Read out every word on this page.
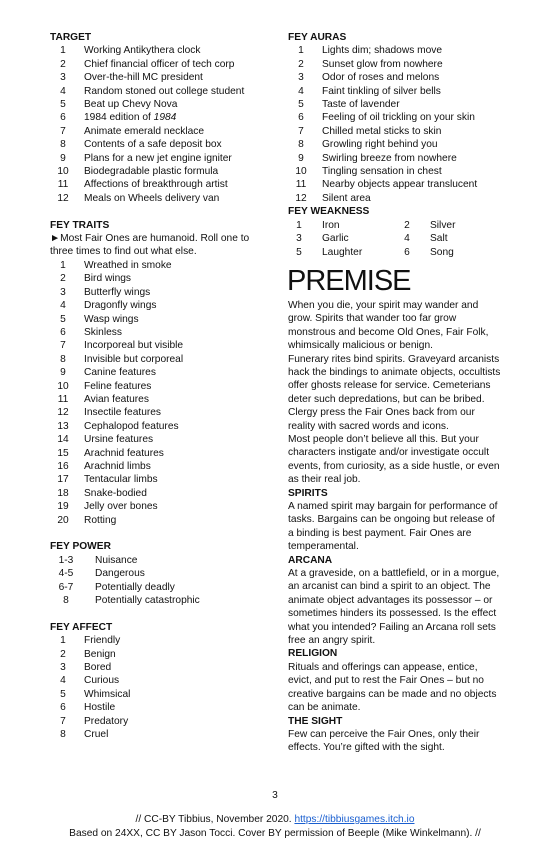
TARGET
1	Working Antikythera clock
2	Chief financial officer of tech corp
3	Over-the-hill MC president
4	Random stoned out college student
5	Beat up Chevy Nova
6	1984 edition of 1984
7	Animate emerald necklace
8	Contents of a safe deposit box
9	Plans for a new jet engine igniter
10	Biodegradable plastic formula
11	Affections of breakthrough artist
12	Meals on Wheels delivery van
FEY TRAITS

►Most Fair Ones are humanoid. Roll one to three times to find out what else.

1	Wreathed in smoke
2	Bird wings
3	Butterfly wings
4	Dragonfly wings
5	Wasp wings
6	Skinless
7	Incorporeal but visible
8	Invisible but corporeal
9	Canine features
10	Feline features
11	Avian features
12	Insectile features
13	Cephalopod features
14	Ursine features
15	Arachnid features
16	Arachnid limbs
17	Tentacular limbs
18	Snake-bodied
19	Jelly over bones
20	Rotting
FEY POWER
1-3	Nuisance
4-5	Dangerous
6-7	Potentially deadly
8	Potentially catastrophic
FEY AFFECT
1	Friendly
2	Benign
3	Bored
4	Curious
5	Whimsical
6	Hostile
7	Predatory
8	Cruel
FEY AURAS
1	Lights dim; shadows move
2	Sunset glow from nowhere
3	Odor of roses and melons
4	Faint tinkling of silver bells
5	Taste of lavender
6	Feeling of oil trickling on your skin
7	Chilled metal sticks to skin
8	Growling right behind you
9	Swirling breeze from nowhere
10	Tingling sensation in chest
11	Nearby objects appear translucent
12	Silent area
FEY WEAKNESS
1	Iron	2	Silver
3	Garlic	4	Salt
5	Laughter	6	Song
PREMISE

When you die, your spirit may wander and grow. Spirits that wander too far grow monstrous and become Old Ones, Fair Folk, whimsically malicious or benign.

Funerary rites bind spirits. Graveyard arcanists hack the bindings to animate objects, occultists offer ghosts release for service. Cemeterians deter such depredations, but can be bribed. Clergy press the Fair Ones back from our reality with sacred words and icons.

Most people don’t believe all this. But your characters instigate and/or investigate occult events, from curiosity, as a side hustle, or even as their real job.

SPIRITS

A named spirit may bargain for performance of tasks. Bargains can be ongoing but release of a binding is best payment. Fair Ones are temperamental.

ARCANA

At a graveside, on a battlefield, or in a morgue, an arcanist can bind a spirit to an object. The animate object advantages its possessor – or sometimes hinders its possessed. Is the effect what you intended? Failing an Arcana roll sets free an angry spirit.

RELIGION

Rituals and offerings can appease, entice, evict, and put to rest the Fair Ones – but no creative bargains can be made and no objects can be animate.

THE SIGHT

Few can perceive the Fair Ones, only their effects. You’re gifted with the sight.

3
// CC-BY Tibbius, November 2020. https://tibbiusgames.itch.io
Based on 24XX, CC BY Jason Tocci. Cover BY permission of Beeple (Mike Winkelmann). //
